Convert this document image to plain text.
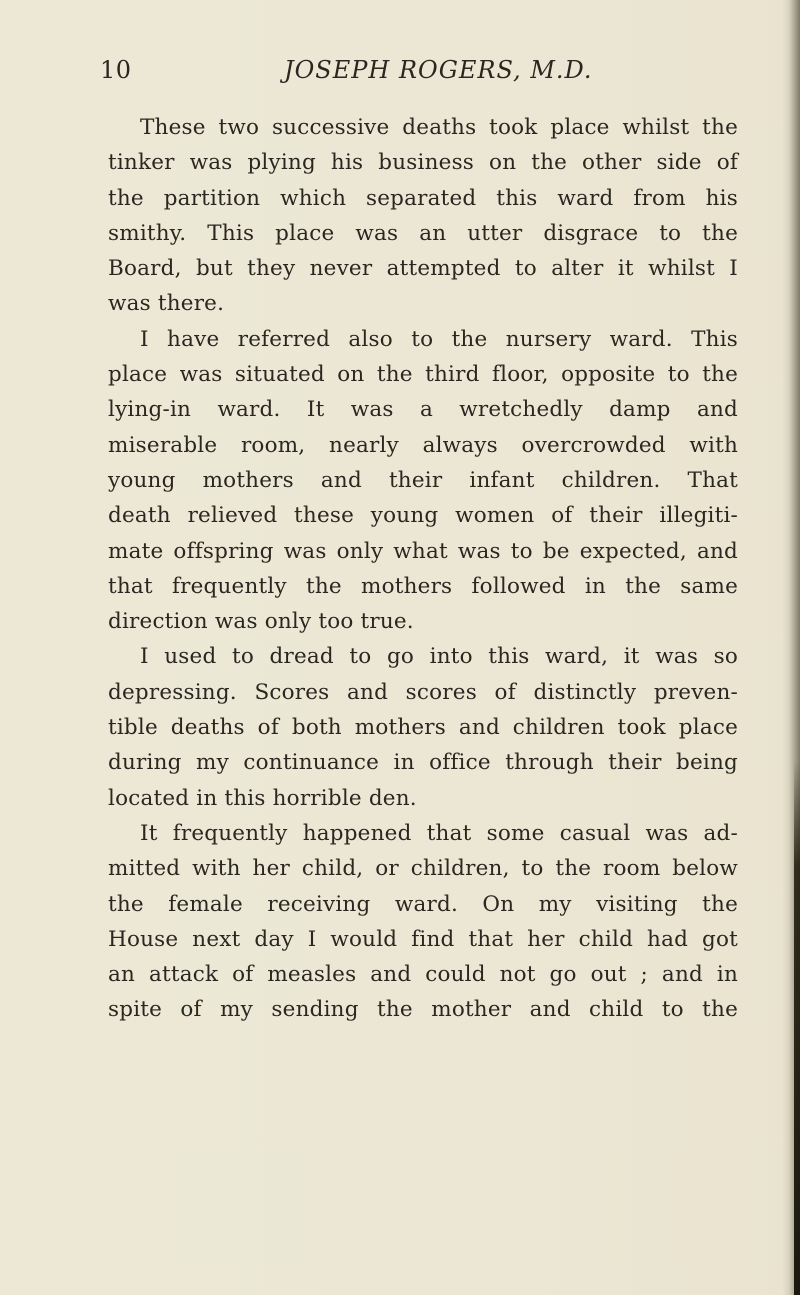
10	JOSEPH ROGERS, M.D.
These two successive deaths took place whilst the
tinker was plying his business on the other side of
the partition which separated this ward from his
smithy. This place was an utter disgrace to the
Board, but they never attempted to alter it whilst I
was there.
I have referred also to the nursery ward. This
place was situated on the third floor, opposite to the
lying-in ward. It was a wretchedly damp and
miserable room, nearly always overcrowded with
young mothers and their infant children. That
death relieved these young women of their illegiti-
mate offspring was only what was to be expected, and
that frequently the mothers followed in the same
direction was only too true.
I used to dread to go into this ward, it was so
depressing. Scores and scores of distinctly preven-
tible deaths of both mothers and children took place
during my continuance in office through their being
located in this horrible den.
It frequently happened that some casual was ad-
mitted with her child, or children, to the room below
the female receiving ward. On my visiting the
House next day I would find that her child had got
an attack of measles and could not go out ; and in
spite of my sending the mother and child to the
